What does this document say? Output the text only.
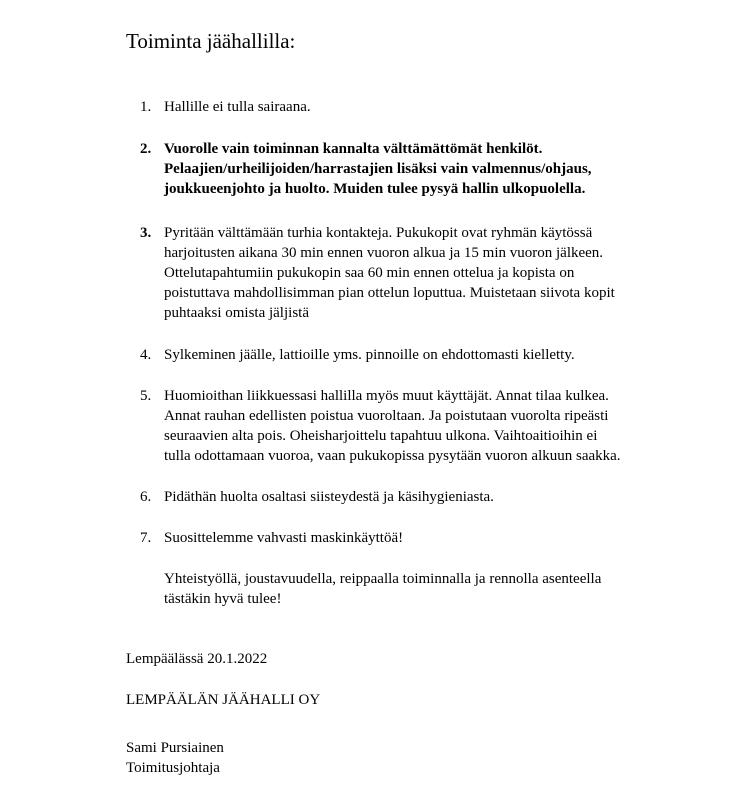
Toiminta jäähallilla:
1. Hallille ei tulla sairaana.
2. Vuorolle vain toiminnan kannalta välttämättömät henkilöt.
Pelaajien/urheilijoiden/harrastajien lisäksi vain valmennus/ohjaus,
joukkueenjohto ja huolto. Muiden tulee pysyä hallin ulkopuolella.
3. Pyritään välttämään turhia kontakteja. Pukukopit ovat ryhmän käytössä
harjoitusten aikana 30 min ennen vuoron alkua ja 15 min vuoron jälkeen.
Ottelutapahtumiin pukukopin saa 60 min ennen ottelua ja kopista on
poistuttava mahdollisimman pian ottelun loputtua. Muistetaan siivota kopit
puhtaaksi omista jäljistä
4. Sylkeminen jäälle, lattioille yms. pinnoille on ehdottomasti kielletty.
5. Huomioithan liikkuessasi hallilla myös muut käyttäjät. Annat tilaa kulkea.
Annat rauhan edellisten poistua vuoroltaan. Ja poistutaan vuorolta ripeästi
seuraavien alta pois. Oheisharjoittelu tapahtuu ulkona. Vaihtoaitioihin ei
tulla odottamaan vuoroa, vaan pukukopissa pysytään vuoron alkuun saakka.
6. Pidäthän huolta osaltasi siisteydestä ja käsihygieniasta.
7. Suosittelemme vahvasti maskinkäyttöä!
Yhteistyöllä, joustavuudella, reippaalla toiminnalla ja rennolla asenteella
tästäkin hyvä tulee!
Lempäälässä 20.1.2022
LEMPÄÄLÄN JÄÄHALLI OY
Sami Pursiainen
Toimitusjohtaja
